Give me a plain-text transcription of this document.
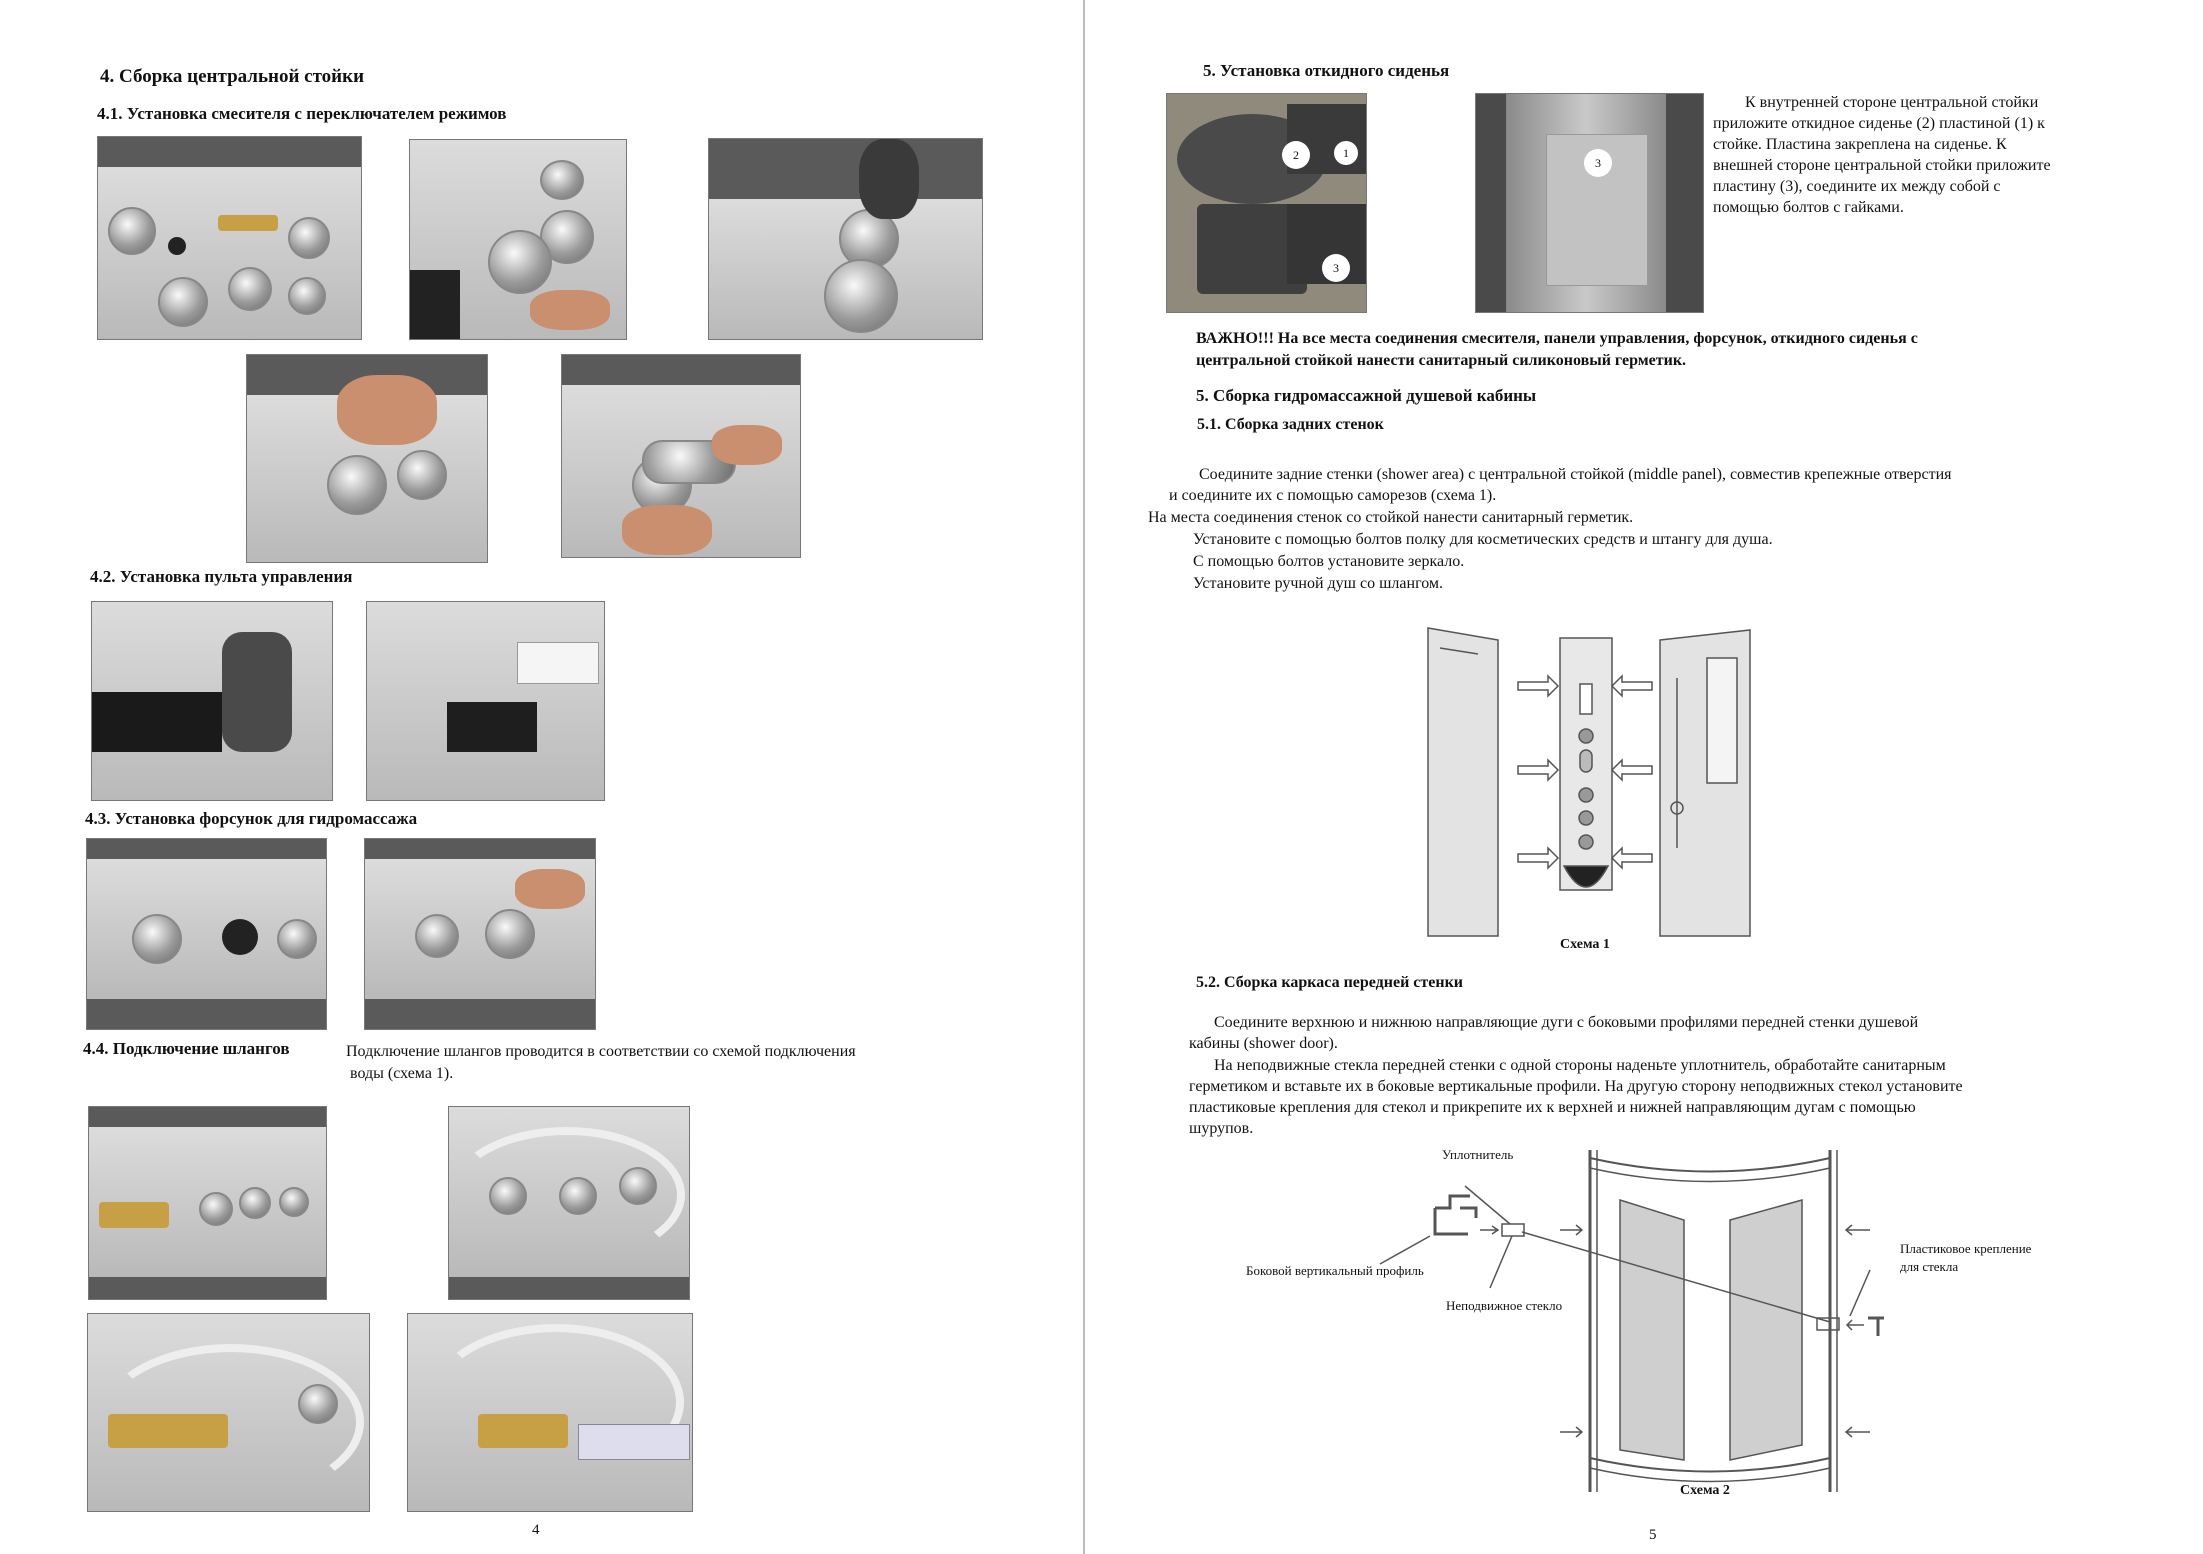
4. Сборка центральной стойки
4.1. Установка смесителя с переключателем режимов
4.2. Установка пульта управления
4.3. Установка форсунок для гидромассажа
4.4. Подключение шлангов	Подключение шлангов проводится в соответствии со схемой подключения
воды (схема 1).
4
5. Установка откидного сиденья
2	1
3
3
К внутренней стороне центральной стойки
приложите откидное сиденье (2) пластиной (1) к
стойке. Пластина закреплена на сиденье. К
внешней стороне центральной стойки приложите
пластину (3), соедините их между собой с
помощью болтов с гайками.
ВАЖНО!!! На все места соединения смесителя, панели управления, форсунок, откидного сиденья с
центральной стойкой нанести санитарный силиконовый герметик.
5. Сборка гидромассажной душевой кабины
5.1. Сборка задних стенок
Соедините задние стенки (shower area) с центральной стойкой (middle panel), совместив крепежные отверстия
и соедините их с помощью саморезов (схема 1).
На места соединения стенок со стойкой нанести санитарный герметик.
Установите с помощью болтов полку для косметических средств и штангу для душа.
С помощью болтов установите зеркало.
Установите ручной душ со шлангом.
Схема 1
5.2. Сборка каркаса передней стенки
Соедините верхнюю и нижнюю направляющие дуги с боковыми профилями передней стенки душевой
кабины (shower door).
На неподвижные стекла передней стенки с одной стороны наденьте уплотнитель, обработайте санитарным
герметиком и вставьте их в боковые вертикальные профили. На другую сторону неподвижных стекол установите
пластиковые крепления для стекол и прикрепите их к верхней и нижней направляющим дугам с помощью
шурупов.
Уплотнитель
Боковой вертикальный профиль
Неподвижное стекло
Пластиковое крепление
для стекла
Схема 2
5
